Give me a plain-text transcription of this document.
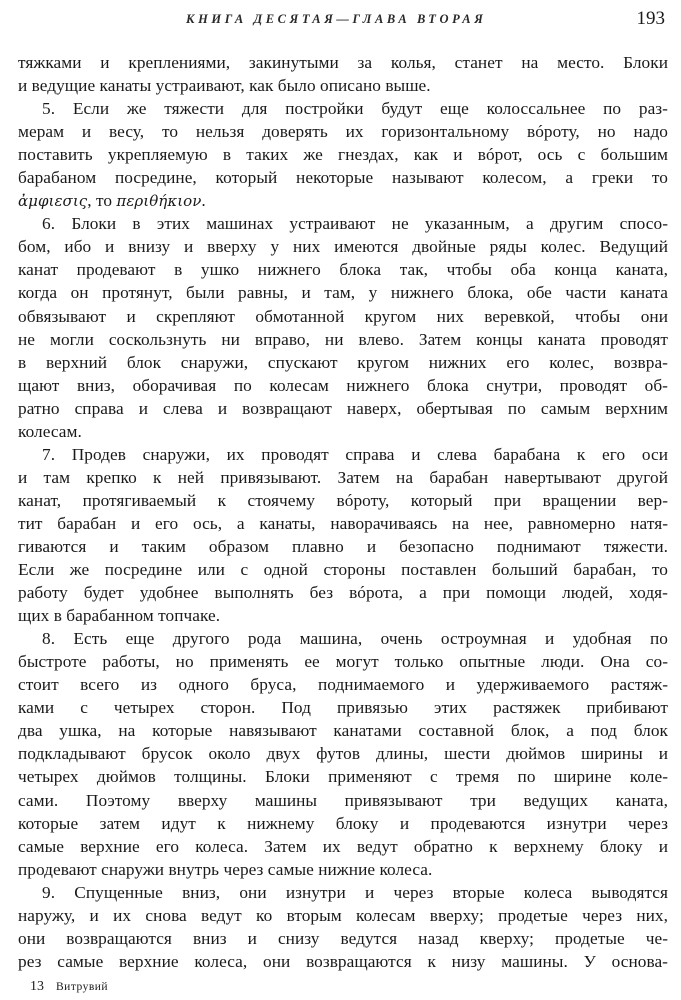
КНИГА ДЕСЯТАЯ—ГЛАВА ВТОРАЯ	193
тяжками и креплениями, закинутыми за колья, станет на место. Блоки
и ведущие канаты устраивают, как было описано выше.
5. Если же тяжести для постройки будут еще колоссальнее по раз-
мерам и весу, то нельзя доверять их горизонтальному вóроту, но надо
поставить укрепляемую в таких же гнездах, как и вóрот, ось с большим
барабаном посредине, который некоторые называют колесом, а греки то
ἀμφιεσις, то περιθήκιον.
6. Блоки в этих машинах устраивают не указанным, а другим спосо-
бом, ибо и внизу и вверху у них имеются двойные ряды колес. Ведущий
канат продевают в ушко нижнего блока так, чтобы оба конца каната,
когда он протянут, были равны, и там, у нижнего блока, обе части каната
обвязывают и скрепляют обмотанной кругом них веревкой, чтобы они
не могли соскользнуть ни вправо, ни влево. Затем концы каната проводят
в верхний блок снаружи, спускают кругом нижних его колес, возвра-
щают вниз, оборачивая по колесам нижнего блока снутри, проводят об-
ратно справа и слева и возвращают наверх, обертывая по самым верхним
колесам.
7. Продев снаружи, их проводят справа и слева барабана к его оси
и там крепко к ней привязывают. Затем на барабан навертывают другой
канат, протягиваемый к стоячему вóроту, который при вращении вер-
тит барабан и его ось, а канаты, наворачиваясь на нее, равномерно натя-
гиваются и таким образом плавно и безопасно поднимают тяжести.
Если же посредине или с одной стороны поставлен больший барабан, то
работу будет удобнее выполнять без вóрота, а при помощи людей, ходя-
щих в барабанном топчаке.
8. Есть еще другого рода машина, очень остроумная и удобная по
быстроте работы, но применять ее могут только опытные люди. Она со-
стоит всего из одного бруса, поднимаемого и удерживаемого растяж-
ками с четырех сторон. Под привязью этих растяжек прибивают
два ушка, на которые навязывают канатами составной блок, а под блок
подкладывают брусок около двух футов длины, шести дюймов ширины и
четырех дюймов толщины. Блоки применяют с тремя по ширине коле-
сами. Поэтому вверху машины привязывают три ведущих каната,
которые затем идут к нижнему блоку и продеваются изнутри через
самые верхние его колеса. Затем их ведут обратно к верхнему блоку и
продевают снаружи внутрь через самые нижние колеса.
9. Спущенные вниз, они изнутри и через вторые колеса выводятся
наружу, и их снова ведут ко вторым колесам вверху; продетые через них,
они возвращаются вниз и снизу ведутся назад кверху; продетые че-
рез самые верхние колеса, они возвращаются к низу машины. У основа-
13 Витрувий
